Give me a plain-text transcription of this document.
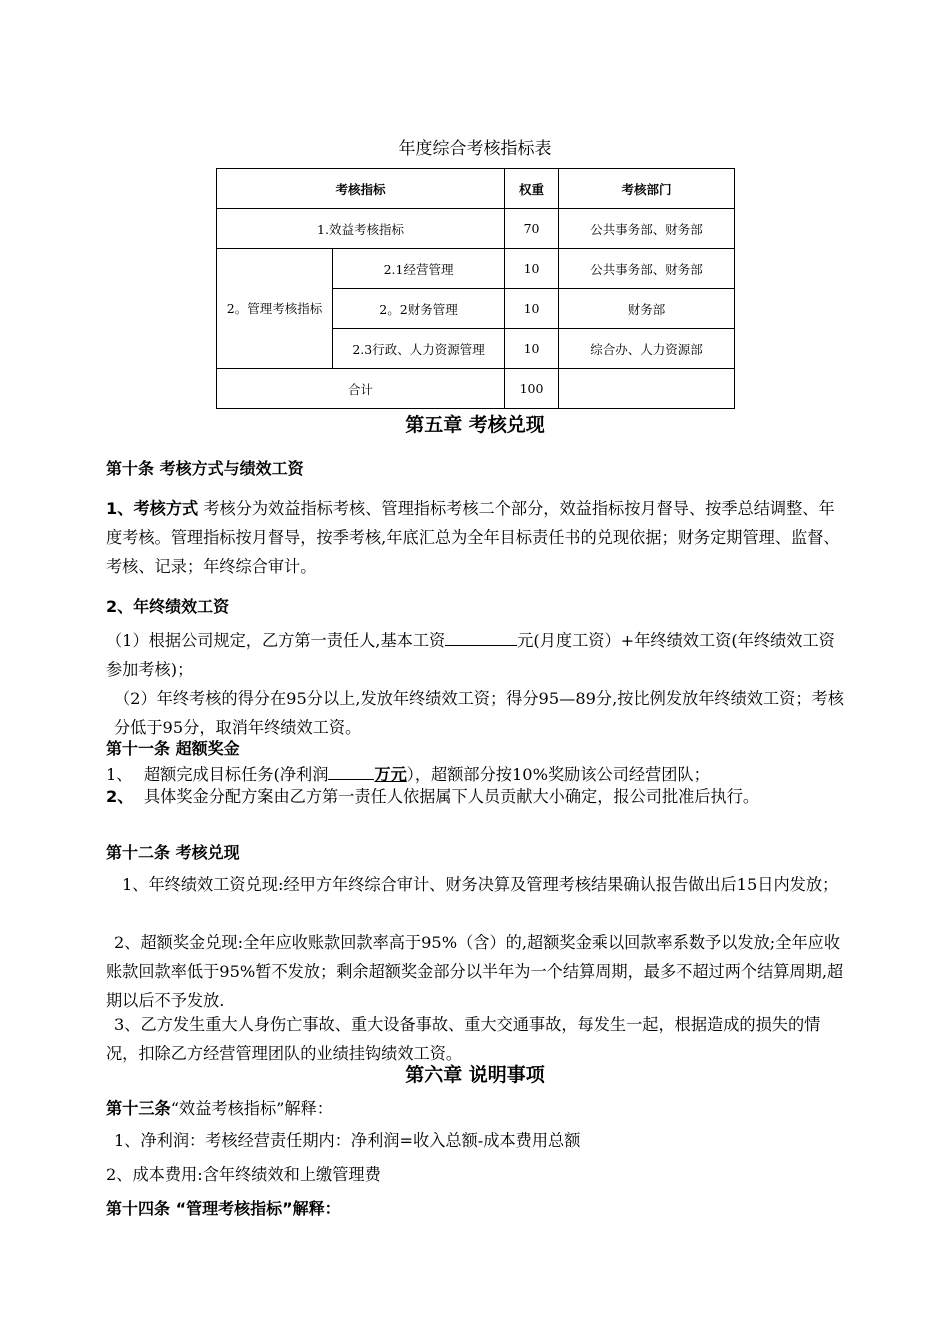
年度综合考核指标表
考核指标		权重	考核部门
1.效益考核指标		70	公共事务部、财务部
2。管理考核指标	2.1经营管理	10	公共事务部、财务部
	2。2财务管理	10	财务部
	2.3行政、人力资源管理	10	综合办、人力资源部
合计		100	
第五章 考核兑现
第十条 考核方式与绩效工资
1、考核方式 考核分为效益指标考核、管理指标考核二个部分，效益指标按月督导、按季总结调整、年度考核。管理指标按月督导，按季考核,年底汇总为全年目标责任书的兑现依据；财务定期管理、监督、考核、记录；年终综合审计。
2、年终绩效工资
（1）根据公司规定，乙方第一责任人,基本工资	元(月度工资）+年终绩效工资(年终绩效工资参加考核)；
（2）年终考核的得分在95分以上,发放年终绩效工资；得分95—89分,按比例发放年终绩效工资；考核分低于95分，取消年终绩效工资。
第十一条 超额奖金
1、 超额完成目标任务(净利润	万元），超额部分按10%奖励该公司经营团队；
2、 具体奖金分配方案由乙方第一责任人依据属下人员贡献大小确定，报公司批准后执行。
第十二条 考核兑现
1、年终绩效工资兑现:经甲方年终综合审计、财务决算及管理考核结果确认报告做出后15日内发放；
2、超额奖金兑现:全年应收账款回款率高于95%（含）的,超额奖金乘以回款率系数予以发放;全年应收账款回款率低于95%暂不发放；剩余超额奖金部分以半年为一个结算周期，最多不超过两个结算周期,超期以后不予发放.
3、乙方发生重大人身伤亡事故、重大设备事故、重大交通事故，每发生一起，根据造成的损失的情况，扣除乙方经营管理团队的业绩挂钩绩效工资。
第六章 说明事项
第十三条“效益考核指标”解释：
1、净利润：考核经营责任期内：净利润=收入总额-成本费用总额
2、成本费用:含年终绩效和上缴管理费
第十四条 “管理考核指标”解释：
